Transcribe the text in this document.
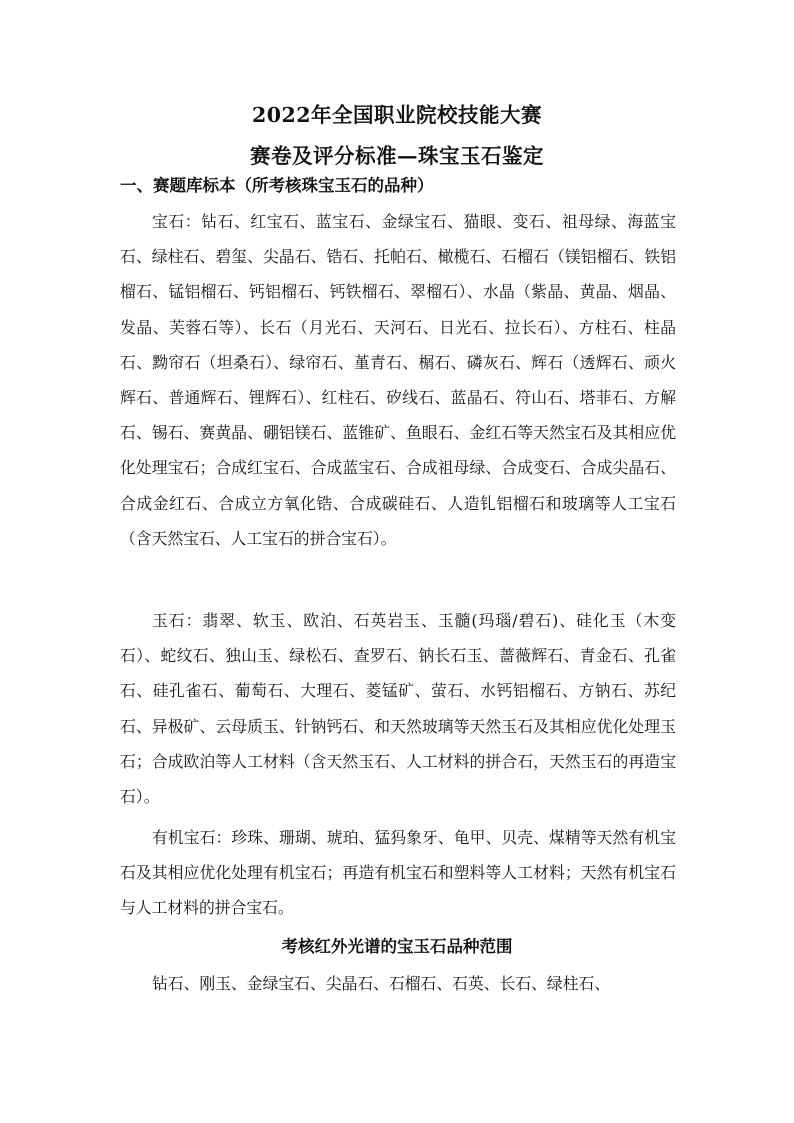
2022年全国职业院校技能大赛
赛卷及评分标准—珠宝玉石鉴定
一、赛题库标本（所考核珠宝玉石的品种）

宝石：钻石、红宝石、蓝宝石、金绿宝石、猫眼、变石、祖母绿、海蓝宝石、绿柱石、碧玺、尖晶石、锆石、托帕石、橄榄石、石榴石（镁铝榴石、铁铝榴石、锰铝榴石、钙铝榴石、钙铁榴石、翠榴石）、水晶（紫晶、黄晶、烟晶、发晶、芙蓉石等）、长石（月光石、天河石、日光石、拉长石）、方柱石、柱晶石、黝帘石（坦桑石）、绿帘石、堇青石、榍石、磷灰石、辉石（透辉石、顽火辉石、普通辉石、锂辉石）、红柱石、矽线石、蓝晶石、符山石、塔菲石、方解石、锡石、赛黄晶、硼铝镁石、蓝锥矿、鱼眼石、金红石等天然宝石及其相应优化处理宝石；合成红宝石、合成蓝宝石、合成祖母绿、合成变石、合成尖晶石、合成金红石、合成立方氧化锆、合成碳硅石、人造钆铝榴石和玻璃等人工宝石（含天然宝石、人工宝石的拼合宝石）。

玉石：翡翠、软玉、欧泊、石英岩玉、玉髓(玛瑙/碧石)、硅化玉（木变石）、蛇纹石、独山玉、绿松石、查罗石、钠长石玉、蔷薇辉石、青金石、孔雀石、硅孔雀石、葡萄石、大理石、菱锰矿、萤石、水钙铝榴石、方钠石、苏纪石、异极矿、云母质玉、针钠钙石、和天然玻璃等天然玉石及其相应优化处理玉石；合成欧泊等人工材料（含天然玉石、人工材料的拼合石，天然玉石的再造宝石）。

有机宝石：珍珠、珊瑚、琥珀、猛犸象牙、龟甲、贝壳、煤精等天然有机宝石及其相应优化处理有机宝石；再造有机宝石和塑料等人工材料；天然有机宝石与人工材料的拼合宝石。

考核红外光谱的宝玉石品种范围

钻石、刚玉、金绿宝石、尖晶石、石榴石、石英、长石、绿柱石、
